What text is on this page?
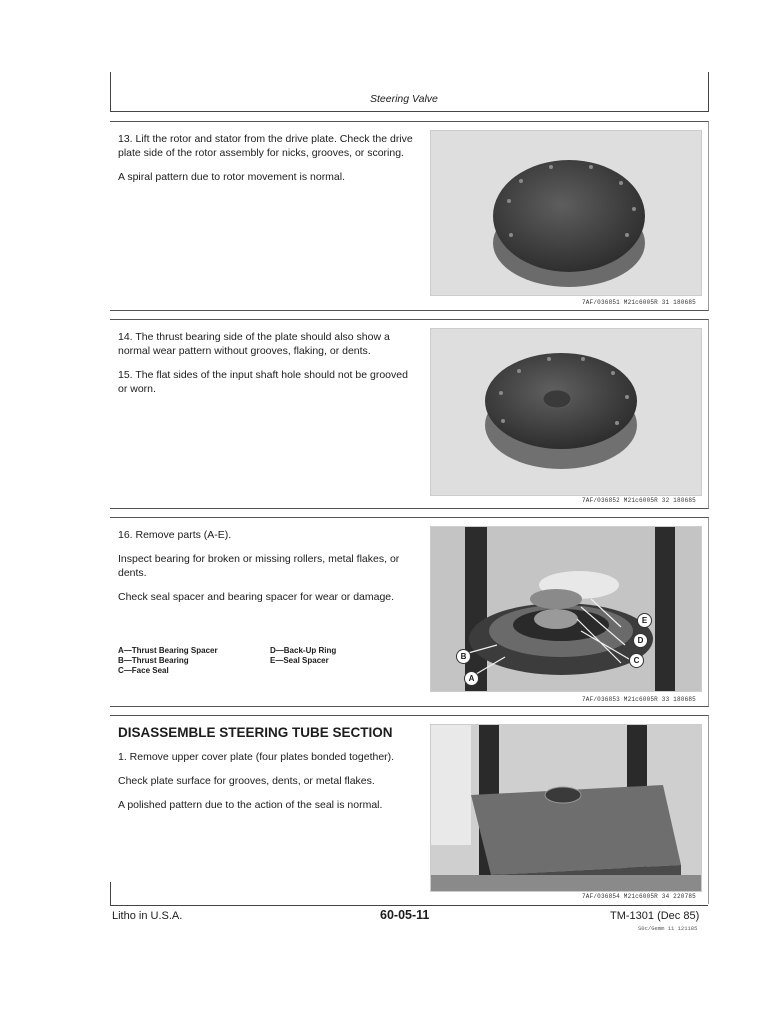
Steering Valve

13. Lift the rotor and stator from the drive plate. Check the drive plate side of the rotor assembly for nicks, grooves, or scoring.

A spiral pattern due to rotor movement is normal.

7AF/036851 M21c6005R 31 180685

14. The thrust bearing side of the plate should also show a normal wear pattern without grooves, flaking, or dents.

15. The flat sides of the input shaft hole should not be grooved or worn.

7AF/036852 M21c6005R 32 180685

16. Remove parts (A-E).

Inspect bearing for broken or missing rollers, metal flakes, or dents.

Check seal spacer and bearing spacer for wear or damage.

A—Thrust Bearing Spacer
B—Thrust Bearing
C—Face Seal
D—Back-Up Ring
E—Seal Spacer	B
A
C
D
E
7AF/036853 M21c6005R 33 180685
DISASSEMBLE STEERING TUBE SECTION

1. Remove upper cover plate (four plates bonded together).

Check plate surface for grooves, dents, or metal flakes.

A polished pattern due to the action of the seal is normal.

7AF/036854 M21c6005R 34 220785
Litho in U.S.A.	60-05-11	TM-1301 (Dec 85)
S0c/Gemm 11 121185
